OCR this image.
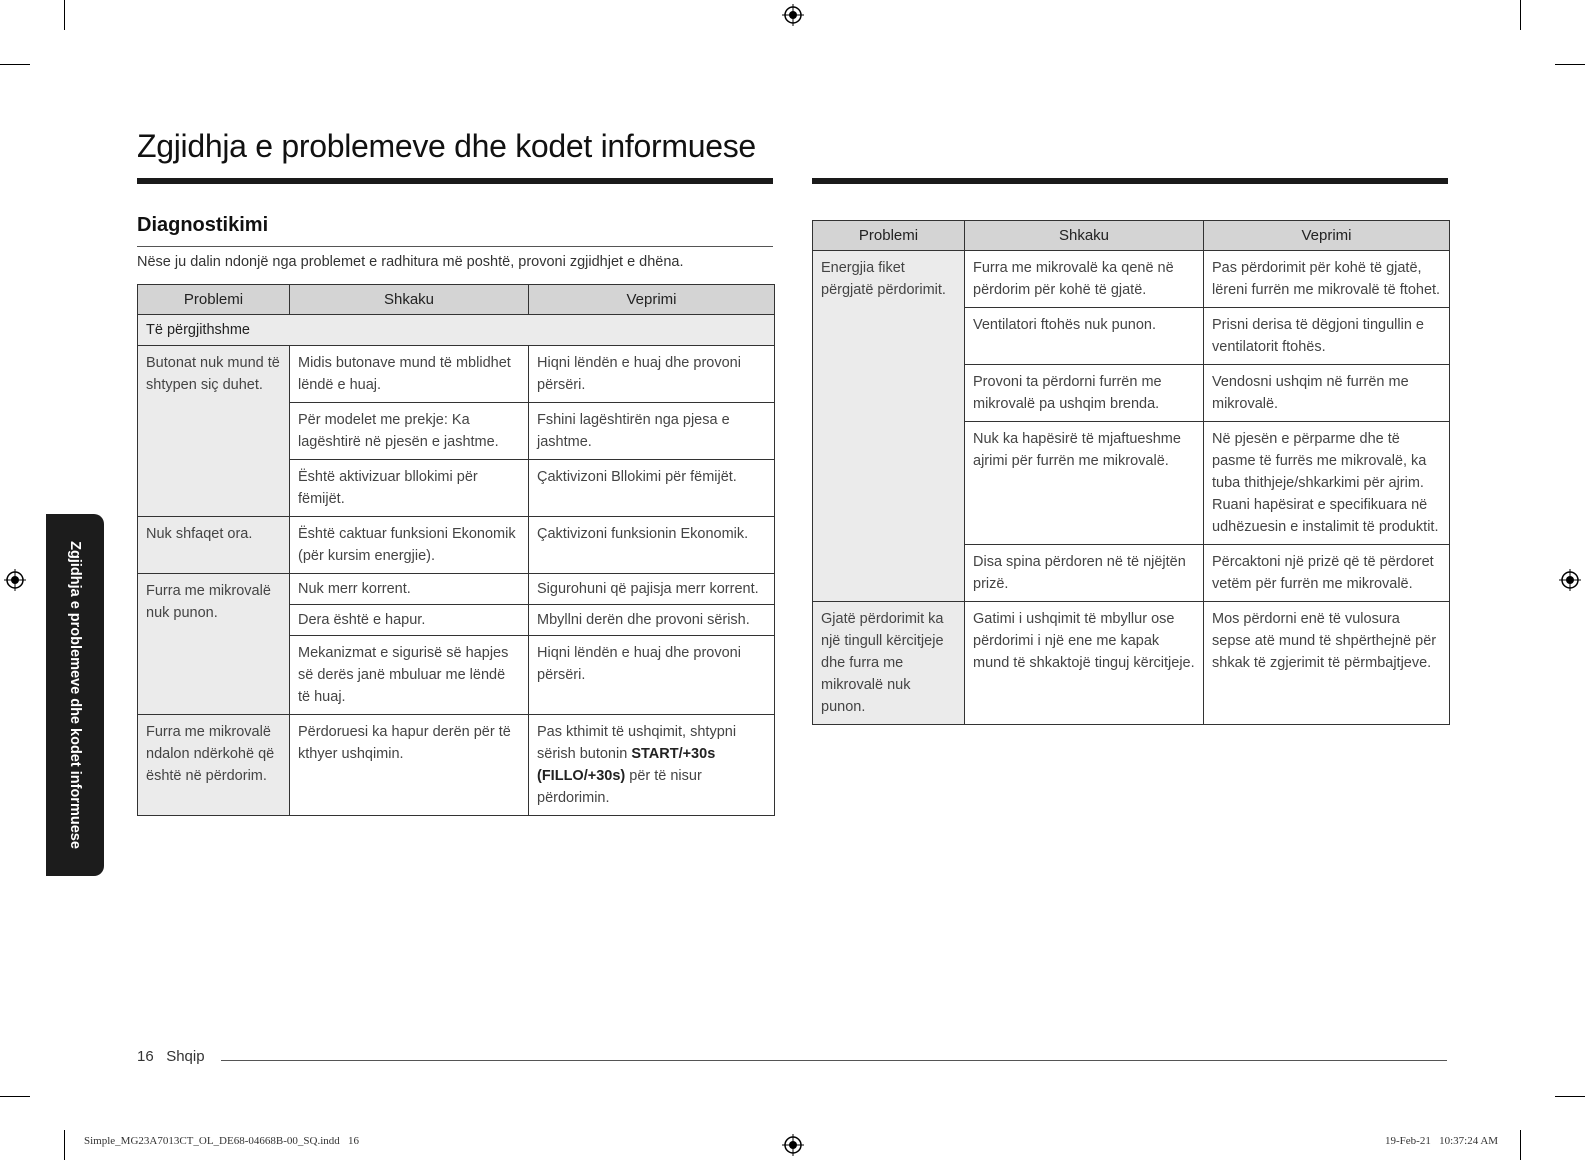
Zgjidhja e problemeve dhe kodet informuese
Diagnostikimi
Nëse ju dalin ndonjë nga problemet e radhitura më poshtë, provoni zgjidhjet e dhëna.
Problemi	Shkaku	Veprimi
Të përgjithshme		
Butonat nuk mund të shtypen siç duhet.	Midis butonave mund të mblidhet lëndë e huaj.	Hiqni lëndën e huaj dhe provoni përsëri.
	Për modelet me prekje: Ka lagështirë në pjesën e jashtme.	Fshini lagështirën nga pjesa e jashtme.
	Është aktivizuar bllokimi për fëmijët.	Çaktivizoni Bllokimi për fëmijët.
Nuk shfaqet ora.	Është caktuar funksioni Ekonomik (për kursim energjie).	Çaktivizoni funksionin Ekonomik.
Furra me mikrovalë nuk punon.	Nuk merr korrent.	Sigurohuni që pajisja merr korrent.
	Dera është e hapur.	Mbyllni derën dhe provoni sërish.
	Mekanizmat e sigurisë së hapjes së derës janë mbuluar me lëndë të huaj.	Hiqni lëndën e huaj dhe provoni përsëri.
Furra me mikrovalë ndalon ndërkohë që është në përdorim.	Përdoruesi ka hapur derën për të kthyer ushqimin.	Pas kthimit të ushqimit, shtypni sërish butonin START/+30s (FILLO/+30s) për të nisur përdorimin.
Problemi	Shkaku	Veprimi
Energjia fiket përgjatë përdorimit.	Furra me mikrovalë ka qenë në përdorim për kohë të gjatë.	Pas përdorimit për kohë të gjatë, lëreni furrën me mikrovalë të ftohet.
	Ventilatori ftohës nuk punon.	Prisni derisa të dëgjoni tingullin e ventilatorit ftohës.
	Provoni ta përdorni furrën me mikrovalë pa ushqim brenda.	Vendosni ushqim në furrën me mikrovalë.
	Nuk ka hapësirë të mjaftueshme ajrimi për furrën me mikrovalë.	Në pjesën e përparme dhe të pasme të furrës me mikrovalë, ka tuba thithjeje/shkarkimi për ajrim. Ruani hapësirat e specifikuara në udhëzuesin e instalimit të produktit.
	Disa spina përdoren në të njëjtën prizë.	Përcaktoni një prizë që të përdoret vetëm për furrën me mikrovalë.
Gjatë përdorimit ka një tingull kërcitjeje dhe furra me mikrovalë nuk punon.	Gatimi i ushqimit të mbyllur ose përdorimi i një ene me kapak mund të shkaktojë tinguj kërcitjeje.	Mos përdorni enë të vulosura sepse atë mund të shpërthejnë për shkak të zgjerimit të përmbajtjeve.
Zgjidhja e problemeve dhe kodet informuese
16 Shqip
Simple_MG23A7013CT_OL_DE68-04668B-00_SQ.indd   16	19-Feb-21   10:37:24 AM
